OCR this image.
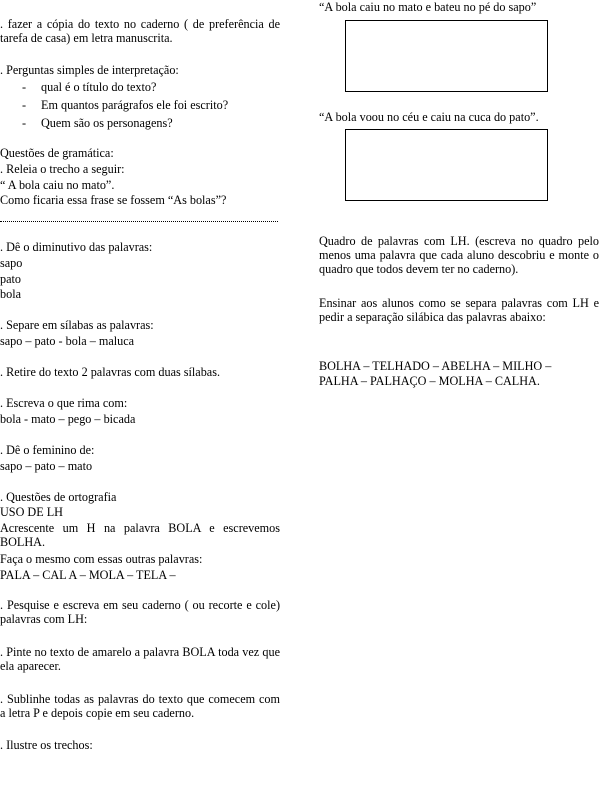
. fazer a cópia do texto no caderno ( de preferência de tarefa de casa) em letra manuscrita.
. Perguntas simples de interpretação:
- qual é o título do texto?
- Em quantos parágrafos ele foi escrito?
- Quem são os personagens?
Questões de gramática:
. Releia o trecho a seguir:
“ A bola caiu no mato”.
Como ficaria essa frase se fossem “As bolas”?
. Dê o diminutivo das palavras:
sapo
pato
bola
. Separe em sílabas as palavras:
sapo – pato - bola – maluca
. Retire do texto 2 palavras com duas sílabas.
. Escreva o que rima com:
bola - mato – pego – bicada
. Dê o feminino de:
sapo – pato – mato
. Questões de ortografia
USO DE LH
Acrescente um H na palavra BOLA e escrevemos BOLHA.
Faça o mesmo com essas outras palavras:
PALA – CAL A – MOLA – TELA –
. Pesquise e escreva em seu caderno ( ou recorte e cole) palavras com LH:
. Pinte no texto de amarelo a palavra BOLA toda vez que ela aparecer.
. Sublinhe todas as palavras do texto que comecem com a letra P e depois copie em seu caderno.
. Ilustre os trechos:
“A bola caiu no mato e bateu no pé do sapo”
“A bola voou no céu e caiu na cuca do pato”.
Quadro de palavras com LH. (escreva no quadro pelo menos uma palavra que cada aluno descobriu e monte o quadro que todos devem ter no caderno).
Ensinar aos alunos como se separa palavras com LH e pedir a separação silábica das palavras abaixo:
BOLHA – TELHADO – ABELHA – MILHO –
PALHA – PALHAÇO – MOLHA – CALHA.
